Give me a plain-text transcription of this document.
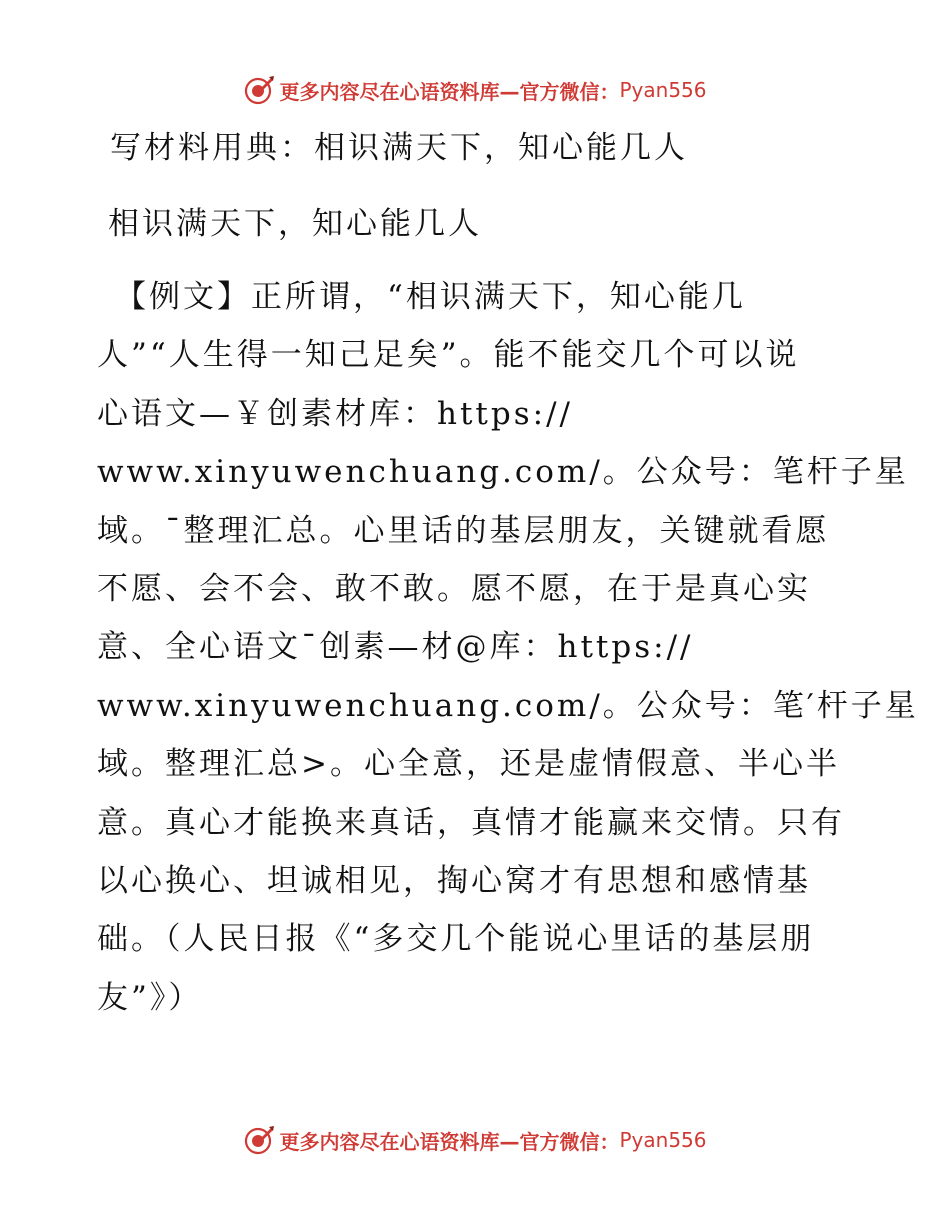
更多内容尽在心语资料库—官方微信： Pyan556
写材料用典：相识满天下，知心能几人
相识满天下，知心能几人
【例文】正所谓，“相识满天下，知心能几
人”“人生得一知己足矣”。能不能交几个可以说
心语文—￥创素材库：https://
www.xinyuwenchuang.com/。公众号：笔杆子星
域。¯整理汇总。心里话的基层朋友，关键就看愿
不愿、会不会、敢不敢。愿不愿，在于是真心实
意、全心语文¯创素—材@库：https://
www.xinyuwenchuang.com/。公众号：笔′杆子星
域。整理汇总>。心全意，还是虚情假意、半心半
意。真心才能换来真话，真情才能赢来交情。只有
以心换心、坦诚相见，掏心窝才有思想和感情基
础。（人民日报《“多交几个能说心里话的基层朋
友”》）
更多内容尽在心语资料库—官方微信： Pyan556
